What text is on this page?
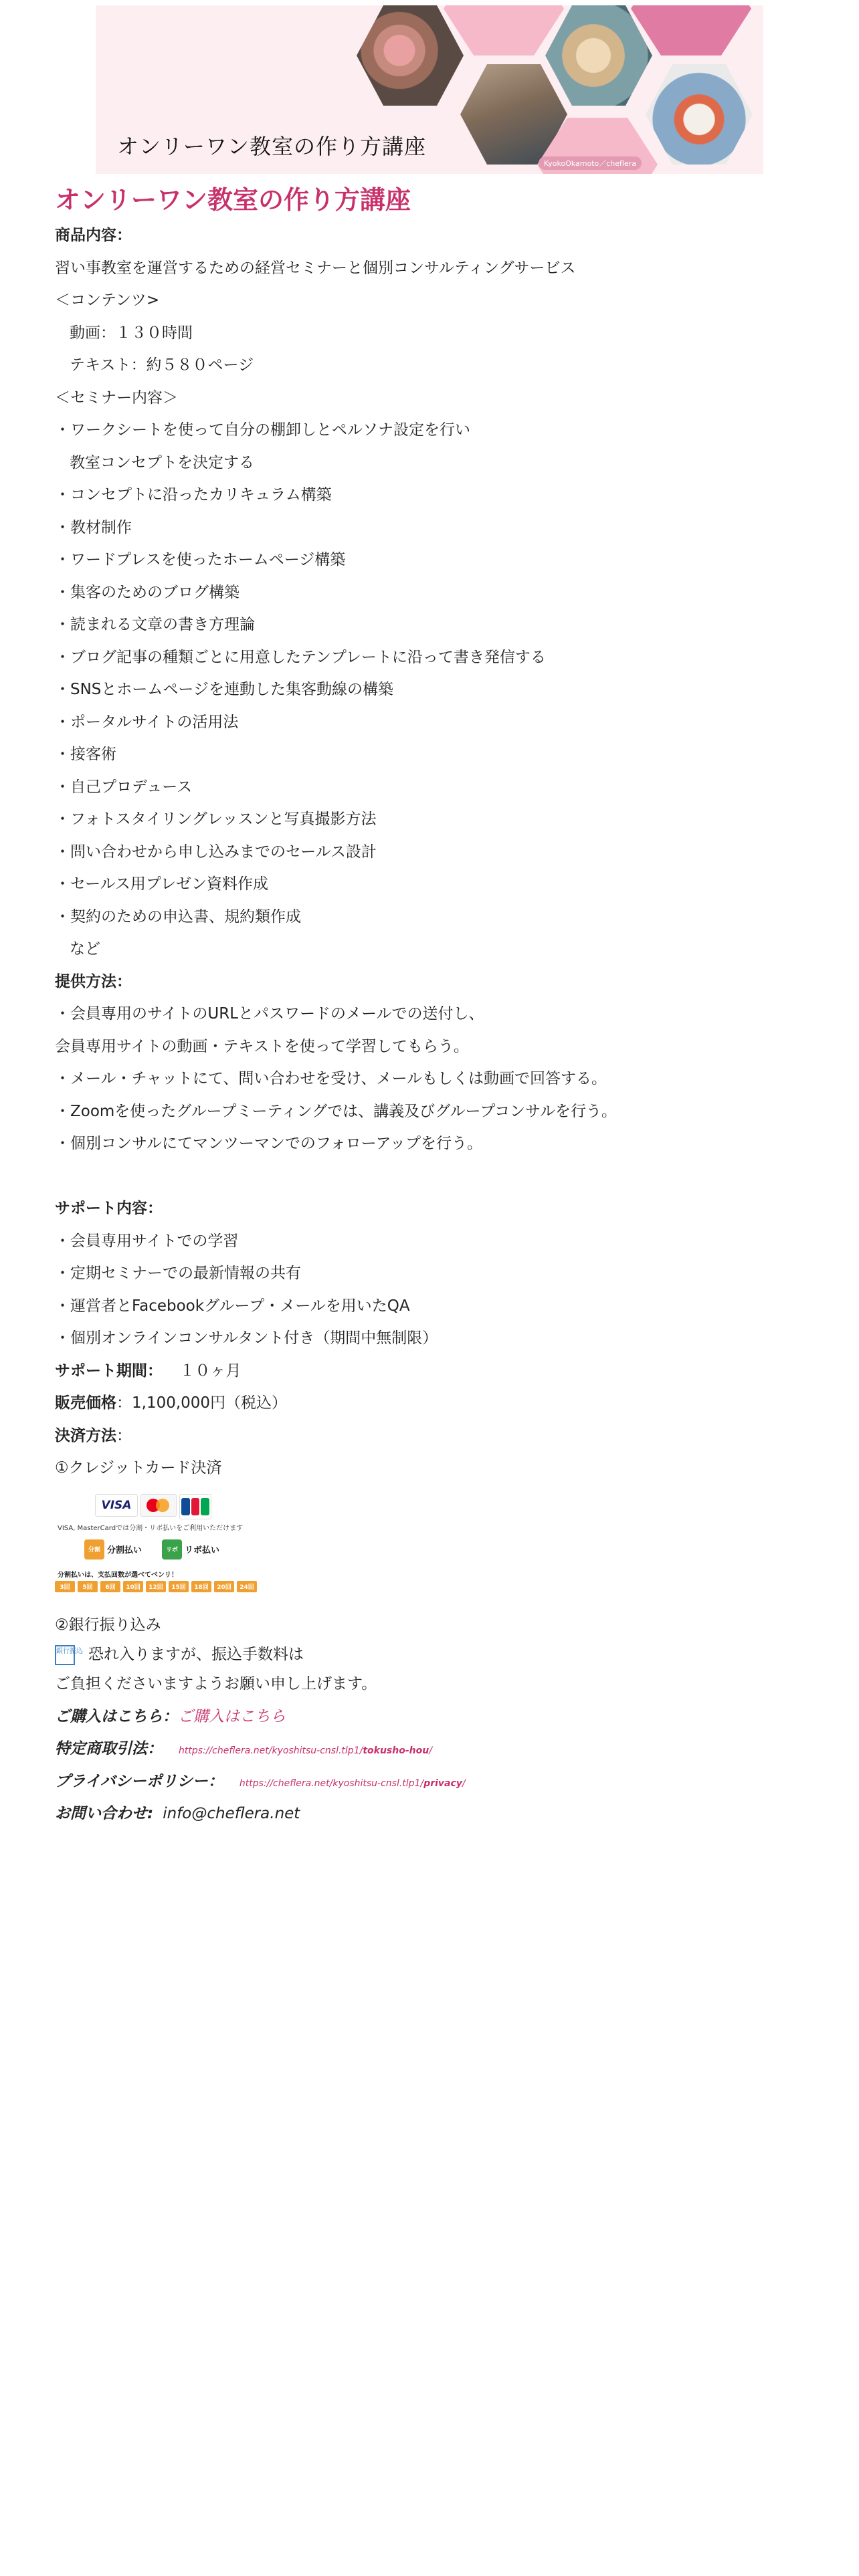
オンリーワン教室の作り方講座
KyokoOkamoto／cheflera
オンリーワン教室の作り方講座
商品内容：
習い事教室を運営するための経営セミナーと個別コンサルティングサービス
＜コンテンツ>
動画：１３０時間
テキスト：約５８０ページ
＜セミナー内容＞
・ワークシートを使って自分の棚卸しとペルソナ設定を行い
教室コンセプトを決定する
・コンセプトに沿ったカリキュラム構築
・教材制作
・ワードプレスを使ったホームページ構築
・集客のためのブログ構築
・読まれる文章の書き方理論
・ブログ記事の種類ごとに用意したテンプレートに沿って書き発信する
・SNSとホームページを連動した集客動線の構築
・ポータルサイトの活用法
・接客術
・自己プロデュース
・フォトスタイリングレッスンと写真撮影方法
・問い合わせから申し込みまでのセールス設計
・セールス用プレゼン資料作成
・契約のための申込書、規約類作成
など
提供方法：
・会員専用のサイトのURLとパスワードのメールでの送付し、
会員専用サイトの動画・テキストを使って学習してもらう。
・メール・チャットにて、問い合わせを受け、メールもしくは動画で回答する。
・Zoomを使ったグループミーティングでは、講義及びグループコンサルを行う。
・個別コンサルにてマンツーマンでのフォローアップを行う。
サポート内容：
・会員専用サイトでの学習
・定期セミナーでの最新情報の共有
・運営者とFacebookグループ・メールを用いたQA
・個別オンラインコンサルタント付き（期間中無制限）
サポート期間： １０ヶ月
販売価格：1,100,000円（税込）
決済方法：
①クレジットカード決済
VISA
VISA, MasterCardでは分割・リボ払いをご利用いただけます
分割 分割払い	リボ リボ払い
分割払いは、支払回数が選べてベンリ！
3回	5回	6回	10回	12回	15回	18回	20回	24回
②銀行振り込み
銀行振込 恐れ入りますが、振込手数料は
ご負担くださいますようお願い申し上げます。
ご購入はこちら：ご購入はこちら
特定商取引法： https://cheflera.net/kyoshitsu-cnsl.tlp1/tokusho-hou/
プライバシーポリシー： https://cheflera.net/kyoshitsu-cnsl.tlp1/privacy/
お問い合わせ: info@cheflera.net
